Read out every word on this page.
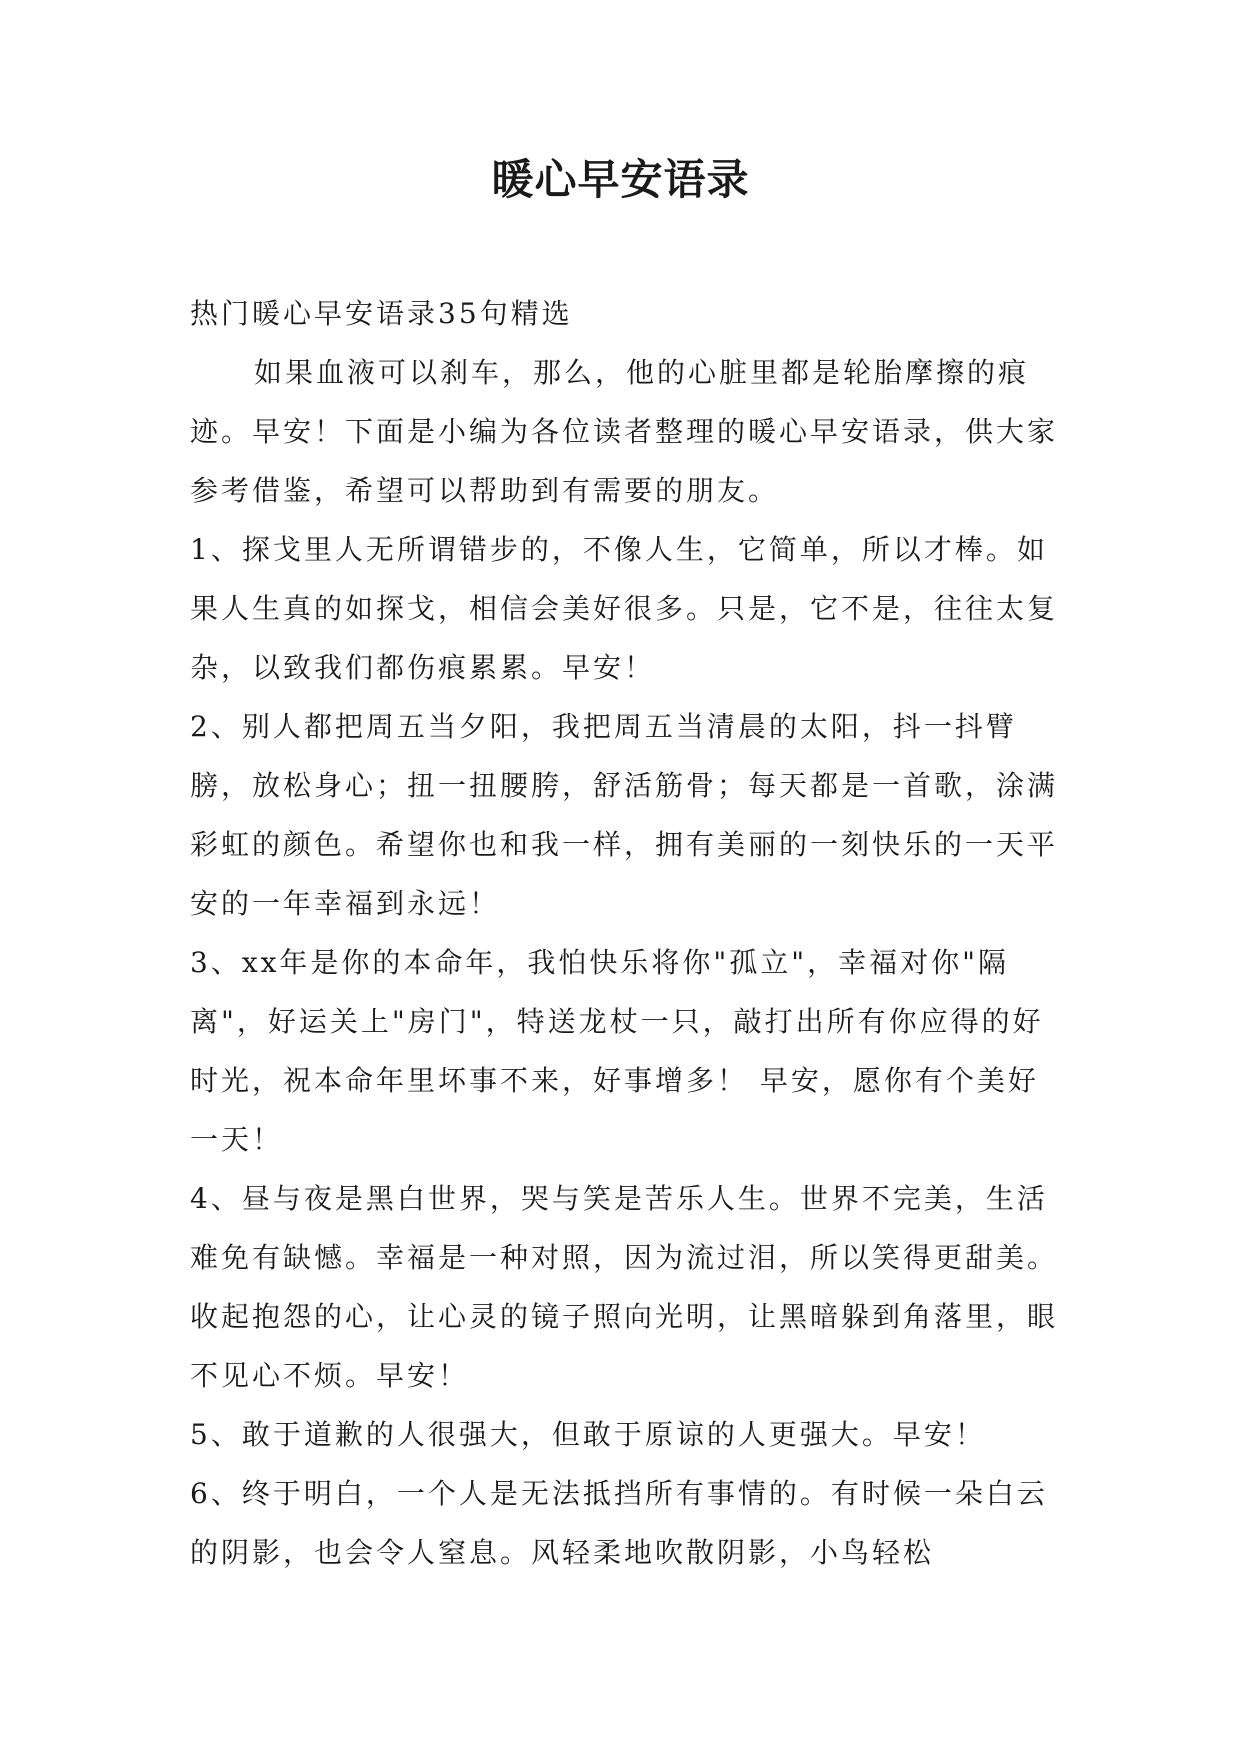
暖心早安语录

热门暖心早安语录35句精选

如果血液可以刹车，那么，他的心脏里都是轮胎摩擦的痕迹。早安！下面是小编为各位读者整理的暖心早安语录，供大家参考借鉴，希望可以帮助到有需要的朋友。

1、探戈里人无所谓错步的，不像人生，它简单，所以才棒。如果人生真的如探戈，相信会美好很多。只是，它不是，往往太复杂，以致我们都伤痕累累。早安！

2、别人都把周五当夕阳，我把周五当清晨的太阳，抖一抖臂膀，放松身心；扭一扭腰胯，舒活筋骨；每天都是一首歌，涂满彩虹的颜色。希望你也和我一样，拥有美丽的一刻快乐的一天平安的一年幸福到永远！

3、xx年是你的本命年，我怕快乐将你"孤立"，幸福对你"隔离"，好运关上"房门"，特送龙杖一只，敲打出所有你应得的好时光，祝本命年里坏事不来，好事增多！ 早安，愿你有个美好一天！

4、昼与夜是黑白世界，哭与笑是苦乐人生。世界不完美，生活难免有缺憾。幸福是一种对照，因为流过泪，所以笑得更甜美。收起抱怨的心，让心灵的镜子照向光明，让黑暗躲到角落里，眼不见心不烦。早安！

5、敢于道歉的人很强大，但敢于原谅的人更强大。早安！

6、终于明白，一个人是无法抵挡所有事情的。有时候一朵白云的阴影，也会令人窒息。风轻柔地吹散阴影，小鸟轻松
